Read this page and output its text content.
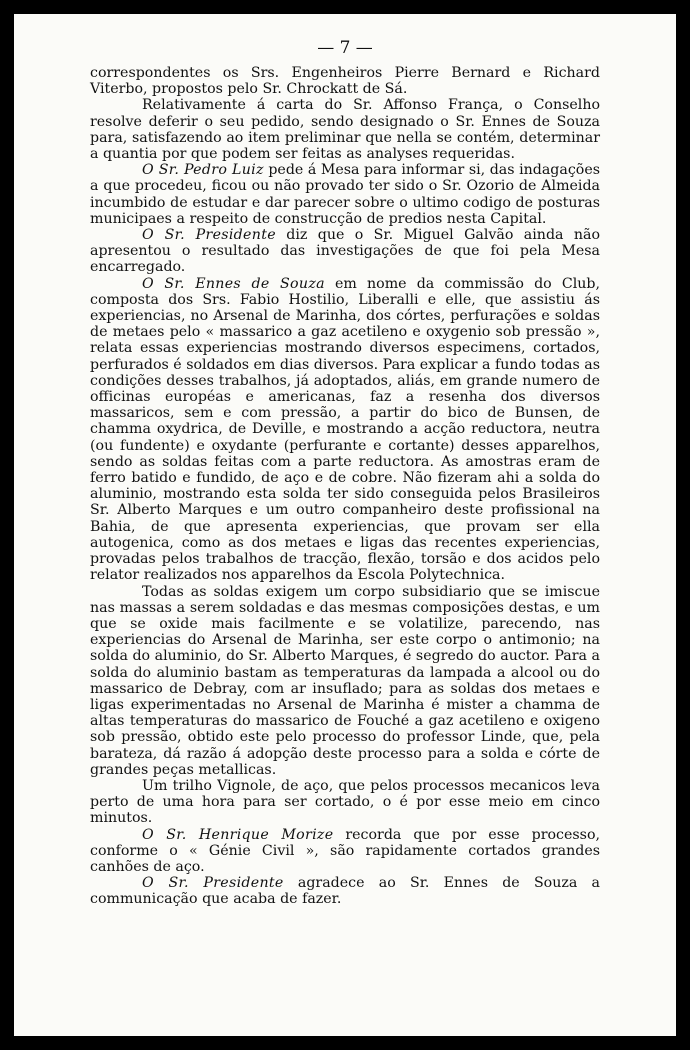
— 7 —

correspondentes os Srs. Engenheiros Pierre Bernard e Richard Viterbo, propostos pelo Sr. Chrockatt de Sá.

Relativamente á carta do Sr. Affonso França, o Conselho resolve deferir o seu pedido, sendo designado o Sr. Ennes de Souza para, satisfazendo ao item preliminar que nella se contém, determinar a quantia por que podem ser feitas as analyses requeridas.

O Sr. Pedro Luiz pede á Mesa para informar si, das indagações a que procedeu, ficou ou não provado ter sido o Sr. Ozorio de Almeida incumbido de estudar e dar parecer sobre o ultimo codigo de posturas municipaes a respeito de construcção de predios nesta Capital.

O Sr. Presidente diz que o Sr. Miguel Galvão ainda não apresentou o resultado das investigações de que foi pela Mesa encarregado.

O Sr. Ennes de Souza em nome da commissão do Club, composta dos Srs. Fabio Hostilio, Liberalli e elle, que assistiu ás experiencias, no Arsenal de Marinha, dos córtes, perfurações e soldas de metaes pelo « massarico a gaz acetileno e oxygenio sob pressão », relata essas experiencias mostrando diversos especimens, cortados, perfurados é soldados em dias diversos. Para explicar a fundo todas as condições desses trabalhos, já adoptados, aliás, em grande numero de officinas européas e americanas, faz a resenha dos diversos massaricos, sem e com pressão, a partir do bico de Bunsen, de chamma oxydrica, de Deville, e mostrando a acção reductora, neutra (ou fundente) e oxydante (perfurante e cortante) desses apparelhos, sendo as soldas feitas com a parte reductora. As amostras eram de ferro batido e fundido, de aço e de cobre. Não fizeram ahi a solda do aluminio, mostrando esta solda ter sido conseguida pelos Brasileiros Sr. Alberto Marques e um outro companheiro deste profissional na Bahia, de que apresenta experiencias, que provam ser ella autogenica, como as dos metaes e ligas das recentes experiencias, provadas pelos trabalhos de tracção, flexão, torsão e dos acidos pelo relator realizados nos apparelhos da Escola Polytechnica.

Todas as soldas exigem um corpo subsidiario que se imiscue nas massas a serem soldadas e das mesmas composições destas, e um que se oxide mais facilmente e se volatilize, parecendo, nas experiencias do Arsenal de Marinha, ser este corpo o antimonio; na solda do aluminio, do Sr. Alberto Marques, é segredo do auctor. Para a solda do aluminio bastam as temperaturas da lampada a alcool ou do massarico de Debray, com ar insuflado; para as soldas dos metaes e ligas experimentadas no Arsenal de Marinha é mister a chamma de altas temperaturas do massarico de Fouché a gaz acetileno e oxigeno sob pressão, obtido este pelo processo do professor Linde, que, pela barateza, dá razão á adopção deste processo para a solda e córte de grandes peças metallicas.

Um trilho Vignole, de aço, que pelos processos mecanicos leva perto de uma hora para ser cortado, o é por esse meio em cinco minutos.

O Sr. Henrique Morize recorda que por esse processo, conforme o « Génie Civil », são rapidamente cortados grandes canhões de aço.

O Sr. Presidente agradece ao Sr. Ennes de Souza a communicação que acaba de fazer.
